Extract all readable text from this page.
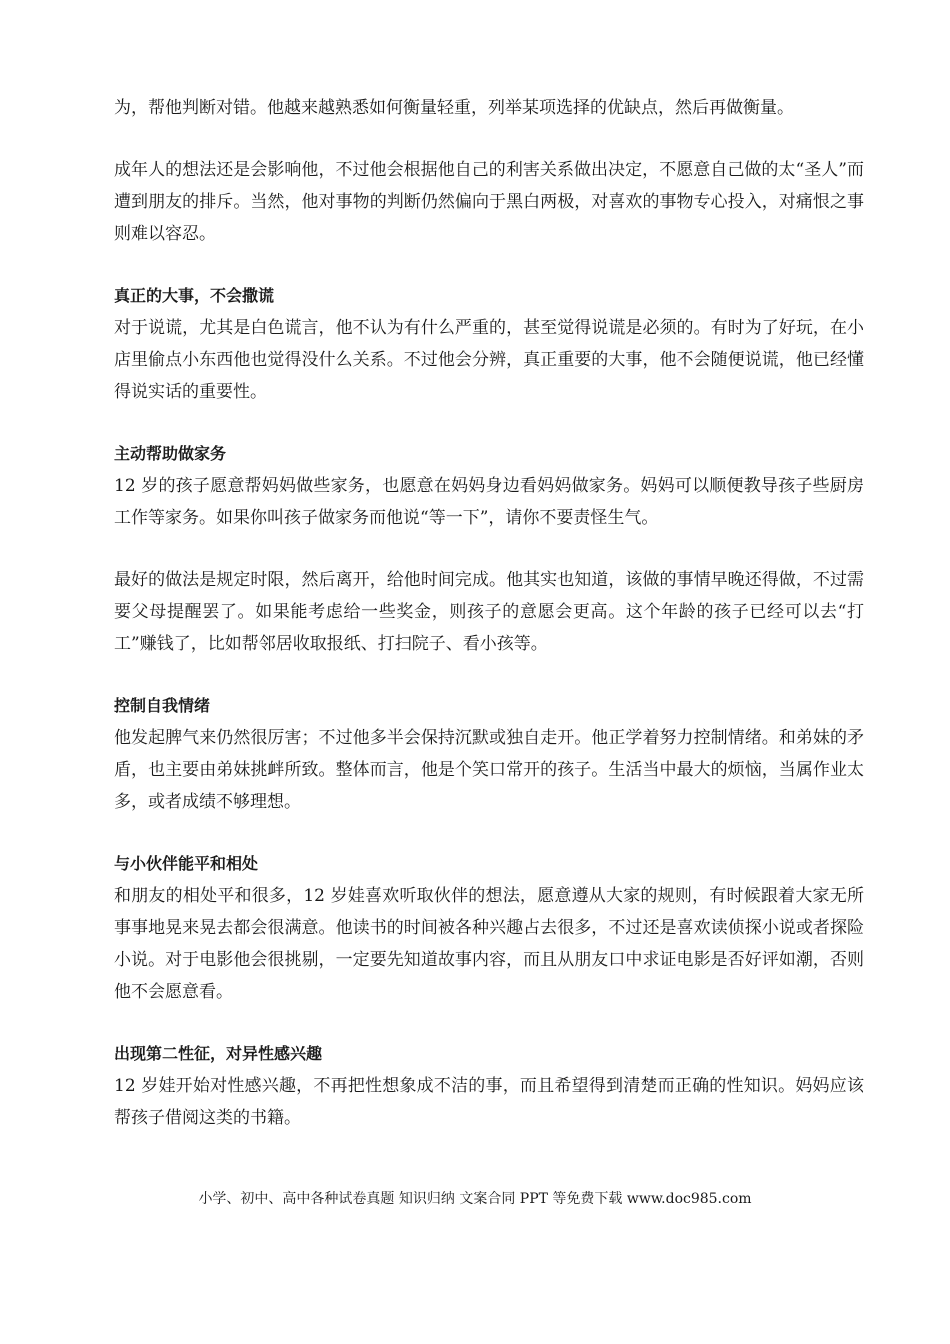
为，帮他判断对错。他越来越熟悉如何衡量轻重，列举某项选择的优缺点，然后再做衡量。

成年人的想法还是会影响他，不过他会根据他自己的利害关系做出决定，不愿意自己做的太“圣人”而遭到朋友的排斥。当然，他对事物的判断仍然偏向于黑白两极，对喜欢的事物专心投入，对痛恨之事则难以容忍。

真正的大事，不会撒谎

对于说谎，尤其是白色谎言，他不认为有什么严重的，甚至觉得说谎是必须的。有时为了好玩，在小店里偷点小东西他也觉得没什么关系。不过他会分辨，真正重要的大事，他不会随便说谎，他已经懂得说实话的重要性。

主动帮助做家务

12 岁的孩子愿意帮妈妈做些家务，也愿意在妈妈身边看妈妈做家务。妈妈可以顺便教导孩子些厨房工作等家务。如果你叫孩子做家务而他说“等一下”，请你不要责怪生气。

最好的做法是规定时限，然后离开，给他时间完成。他其实也知道，该做的事情早晚还得做，不过需要父母提醒罢了。如果能考虑给一些奖金，则孩子的意愿会更高。这个年龄的孩子已经可以去“打工”赚钱了，比如帮邻居收取报纸、打扫院子、看小孩等。

控制自我情绪

他发起脾气来仍然很厉害；不过他多半会保持沉默或独自走开。他正学着努力控制情绪。和弟妹的矛盾，也主要由弟妹挑衅所致。整体而言，他是个笑口常开的孩子。生活当中最大的烦恼，当属作业太多，或者成绩不够理想。

与小伙伴能平和相处

和朋友的相处平和很多，12 岁娃喜欢听取伙伴的想法，愿意遵从大家的规则，有时候跟着大家无所事事地晃来晃去都会很满意。他读书的时间被各种兴趣占去很多，不过还是喜欢读侦探小说或者探险小说。对于电影他会很挑剔，一定要先知道故事内容，而且从朋友口中求证电影是否好评如潮，否则他不会愿意看。

出现第二性征，对异性感兴趣

12 岁娃开始对性感兴趣，不再把性想象成不洁的事，而且希望得到清楚而正确的性知识。妈妈应该帮孩子借阅这类的书籍。

小学、初中、高中各种试卷真题 知识归纳 文案合同 PPT 等免费下载 www.doc985.com
